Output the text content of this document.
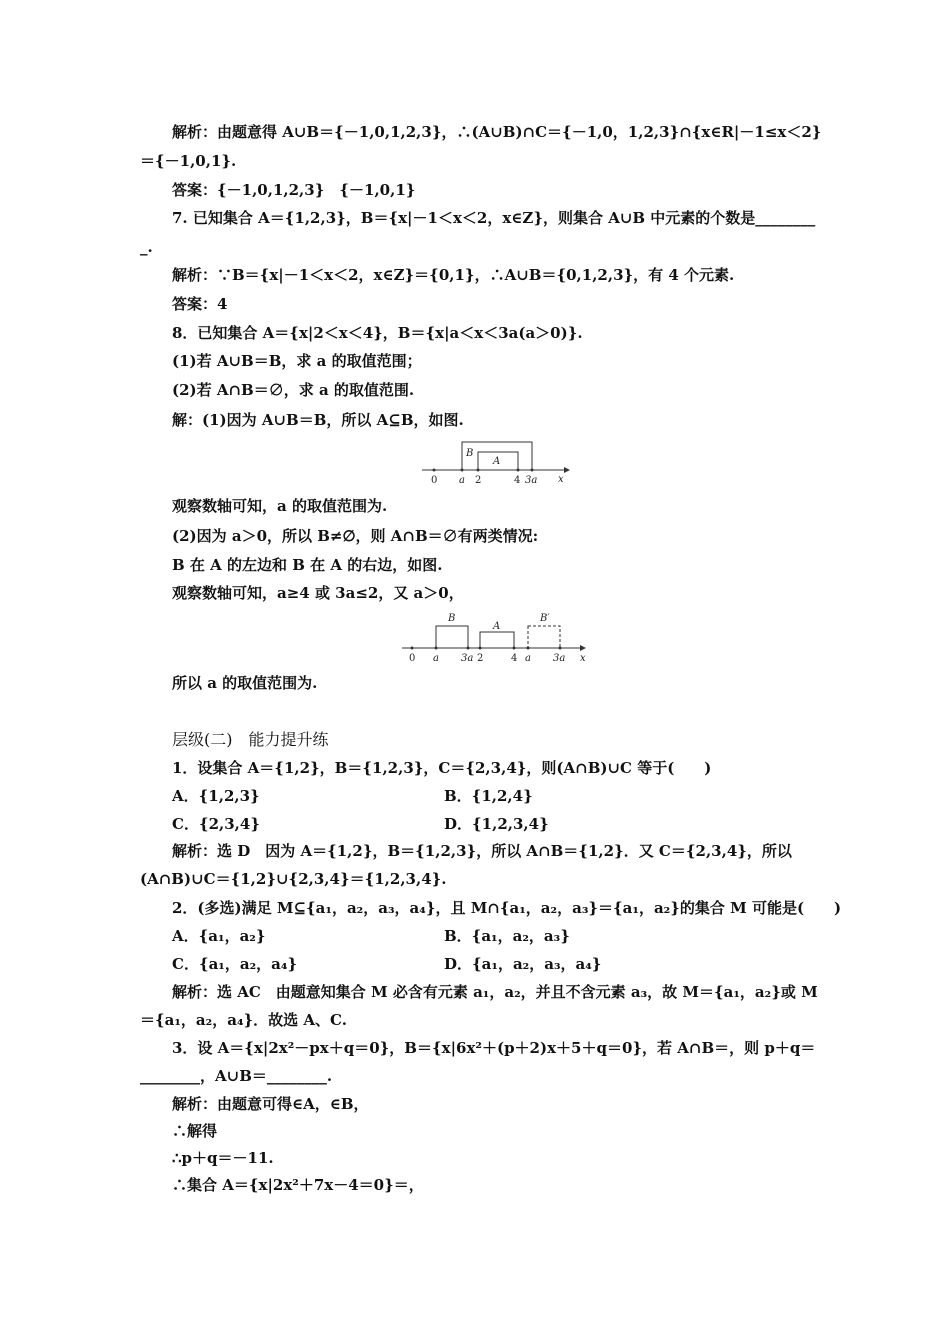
解析：由题意得 A∪B＝{－1,0,1,2,3}，∴(A∪B)∩C＝{－1,0，1,2,3}∩{x∈R|－1≤x＜2}
＝{－1,0,1}.
答案：{－1,0,1,2,3}　{－1,0,1}
7. 已知集合 A＝{1,2,3}，B＝{x|－1＜x＜2，x∈Z}，则集合 A∪B 中元素的个数是________
_.
解析：∵B＝{x|－1＜x＜2，x∈Z}＝{0,1}，∴A∪B＝{0,1,2,3}，有 4 个元素.
答案：4
8．已知集合 A＝{x|2＜x＜4}，B＝{x|a＜x＜3a(a＞0)}.
(1)若 A∪B＝B，求 a 的取值范围；
(2)若 A∩B＝∅，求 a 的取值范围.
解：(1)因为 A∪B＝B，所以 A⊆B，如图.
B
A
0 a 2	4 3a x
观察数轴可知，a 的取值范围为.
(2)因为 a＞0，所以 B≠∅，则 A∩B＝∅有两类情况:
B 在 A 的左边和 B 在 A 的右边，如图.
观察数轴可知，a≥4 或 3a≤2，又 a＞0，
B
A
B′
0 a 3a 2	4 a 3a x
所以 a 的取值范围为.
层级(二)　能力提升练
1．设集合 A＝{1,2}，B＝{1,2,3}，C＝{2,3,4}，则(A∩B)∪C 等于(　　)
A．{1,2,3}	B．{1,2,4}
C．{2,3,4}	D．{1,2,3,4}
解析：选 D　因为 A＝{1,2}，B＝{1,2,3}，所以 A∩B＝{1,2}．又 C＝{2,3,4}，所以
(A∩B)∪C＝{1,2}∪{2,3,4}＝{1,2,3,4}.
2．(多选)满足 M⊆{a₁，a₂，a₃，a₄}，且 M∩{a₁，a₂，a₃}＝{a₁，a₂}的集合 M 可能是(　　)
A．{a₁，a₂}	B．{a₁，a₂，a₃}
C．{a₁，a₂，a₄}	D．{a₁，a₂，a₃，a₄}
解析：选 AC　由题意知集合 M 必含有元素 a₁，a₂，并且不含元素 a₃，故 M＝{a₁，a₂}或 M
＝{a₁，a₂，a₄}．故选 A、C.
3．设 A＝{x|2x²－px＋q＝0}，B＝{x|6x²＋(p＋2)x＋5＋q＝0}，若 A∩B＝，则 p＋q＝
________，A∪B＝________.
解析：由题意可得∈A，∈B，
∴解得
∴p＋q＝－11.
∴集合 A＝{x|2x²＋7x－4＝0}＝，
